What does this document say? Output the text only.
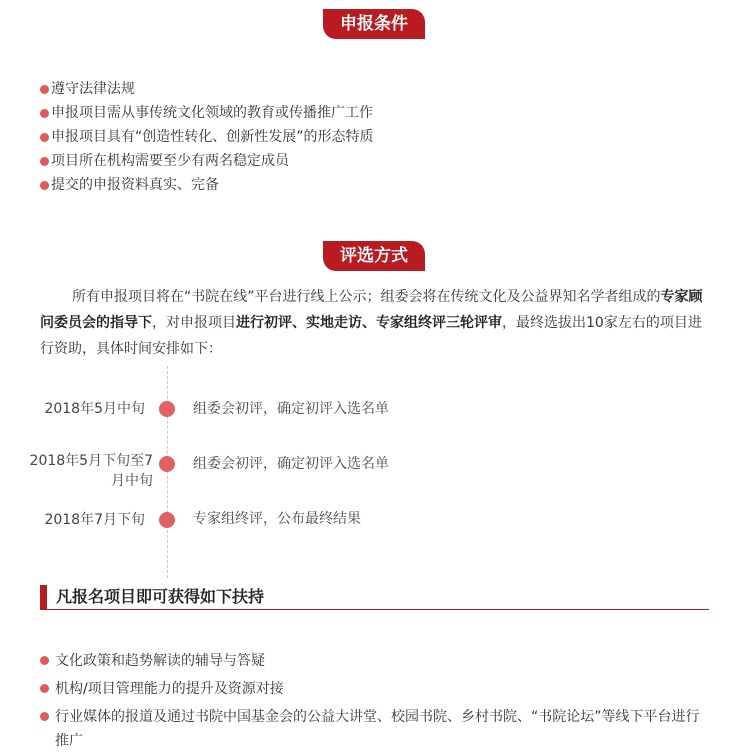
申报条件
遵守法律法规
申报项目需从事传统文化领域的教育或传播推广工作
申报项目具有“创造性转化、创新性发展”的形态特质
项目所在机构需要至少有两名稳定成员
提交的申报资料真实、完备
评选方式

所有申报项目将在“书院在线”平台进行线上公示；组委会将在传统文化及公益界知名学者组成的专家顾问委员会的指导下，对申报项目进行初评、实地走访、专家组终评三轮评审，最终选拔出10家左右的项目进行资助，具体时间安排如下：

2018年5月中旬	组委会初评，确定初评入选名单
2018年5月下旬至7月中旬
组委会初评，确定初评入选名单
2018年7月下旬	专家组终评，公布最终结果
凡报名项目即可获得如下扶持
文化政策和趋势解读的辅导与答疑
机构/项目管理能力的提升及资源对接
行业媒体的报道及通过书院中国基金会的公益大讲堂、校园书院、乡村书院、“书院论坛”等线下平台进行推广
